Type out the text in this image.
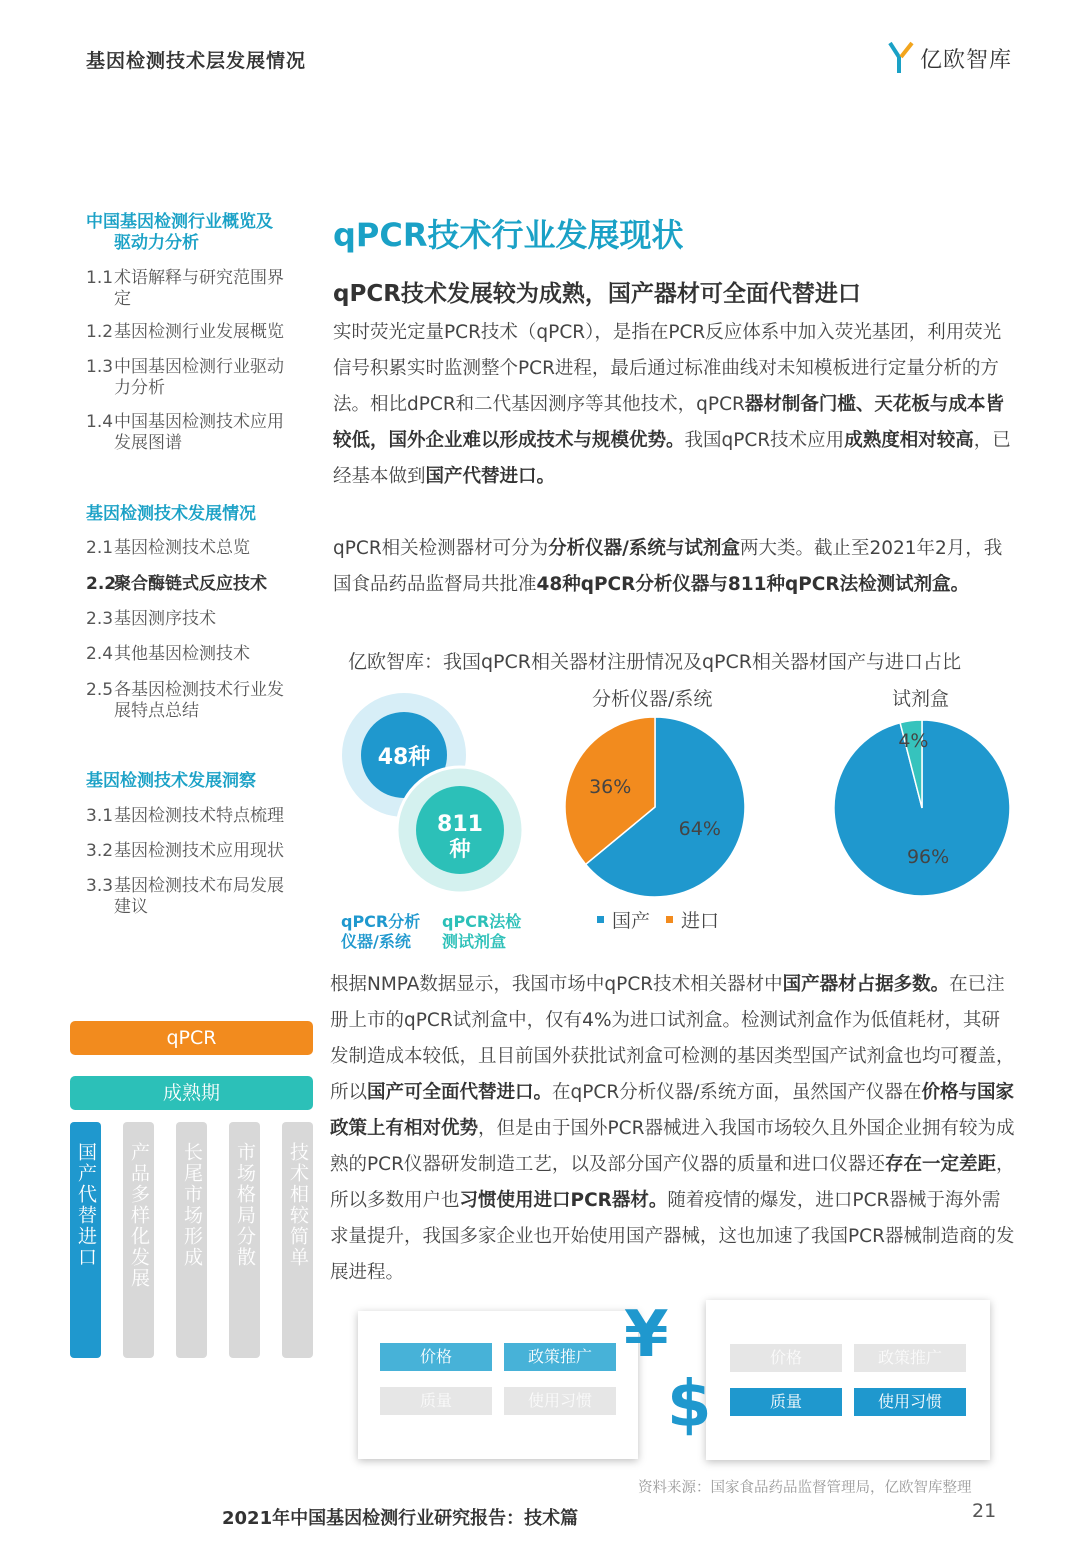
基因检测技术层发展情况	亿欧智库
中国基因检测行业概览及
驱动力分析
1.1术语解释与研究范围界
定
1.2基因检测行业发展概览
1.3中国基因检测行业驱动
力分析
1.4中国基因检测技术应用
发展图谱
基因检测技术发展情况
2.1基因检测技术总览
2.2聚合酶链式反应技术
2.3基因测序技术
2.4其他基因检测技术
2.5各基因检测技术行业发
展特点总结
基因检测技术发展洞察
3.1基因检测技术特点梳理
3.2基因检测技术应用现状
3.3基因检测技术布局发展
建议
qPCR
成熟期
国产代替进口 产品多样化发展 长尾市场形成 市场格局分散 技术相较简单
qPCR技术行业发展现状
qPCR技术发展较为成熟，国产器材可全面代替进口

实时荧光定量PCR技术（qPCR），是指在PCR反应体系中加入荧光基团，利用荧光信号积累实时监测整个PCR进程，最后通过标准曲线对未知模板进行定量分析的方法。相比dPCR和二代基因测序等其他技术，qPCR器材制备门槛、天花板与成本皆较低，国外企业难以形成技术与规模优势。我国qPCR技术应用成熟度相对较高，已经基本做到国产代替进口。

qPCR相关检测器材可分为分析仪器/系统与试剂盒两大类。截止至2021年2月，我国食品药品监督局共批准48种qPCR分析仪器与811种qPCR法检测试剂盒。

亿欧智库：我国qPCR相关器材注册情况及qPCR相关器材国产与进口占比
48种
811
种
qPCR分析
仪器/系统
qPCR法检
测试剂盒
分析仪器/系统	试剂盒
64%
36%
96%
4%
国产 进口

根据NMPA数据显示，我国市场中qPCR技术相关器材中国产器材占据多数。在已注册上市的qPCR试剂盒中，仅有4%为进口试剂盒。检测试剂盒作为低值耗材，其研发制造成本较低，且目前国外获批试剂盒可检测的基因类型国产试剂盒也均可覆盖，所以国产可全面代替进口。在qPCR分析仪器/系统方面，虽然国产仪器在价格与国家政策上有相对优势，但是由于国外PCR器械进入我国市场较久且外国企业拥有较为成熟的PCR仪器研发制造工艺，以及部分国产仪器的质量和进口仪器还存在一定差距，所以多数用户也习惯使用进口PCR器材。随着疫情的爆发，进口PCR器械于海外需求量提升，我国多家企业也开始使用国产器械，这也加速了我国PCR器械制造商的发展进程。

价格	政策推广
质量	使用习惯
价格	政策推广
质量	使用习惯
¥
$
资料来源：国家食品药品监督管理局，亿欧智库整理
2021年中国基因检测行业研究报告：技术篇	21
